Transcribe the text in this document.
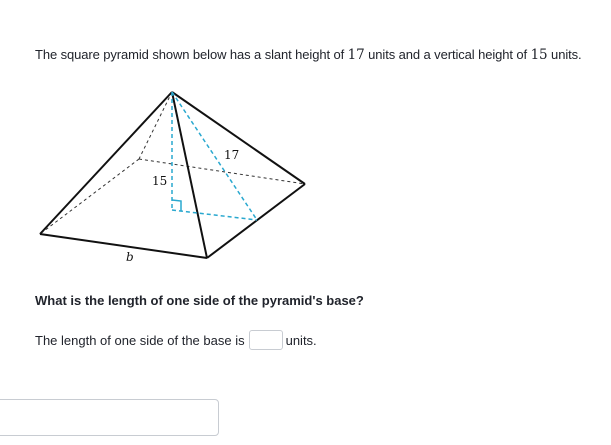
The square pyramid shown below has a slant height of 17 units and a vertical height of 15 units.
17
15
b
What is the length of one side of the pyramid's base?
The length of one side of the base is	units.
